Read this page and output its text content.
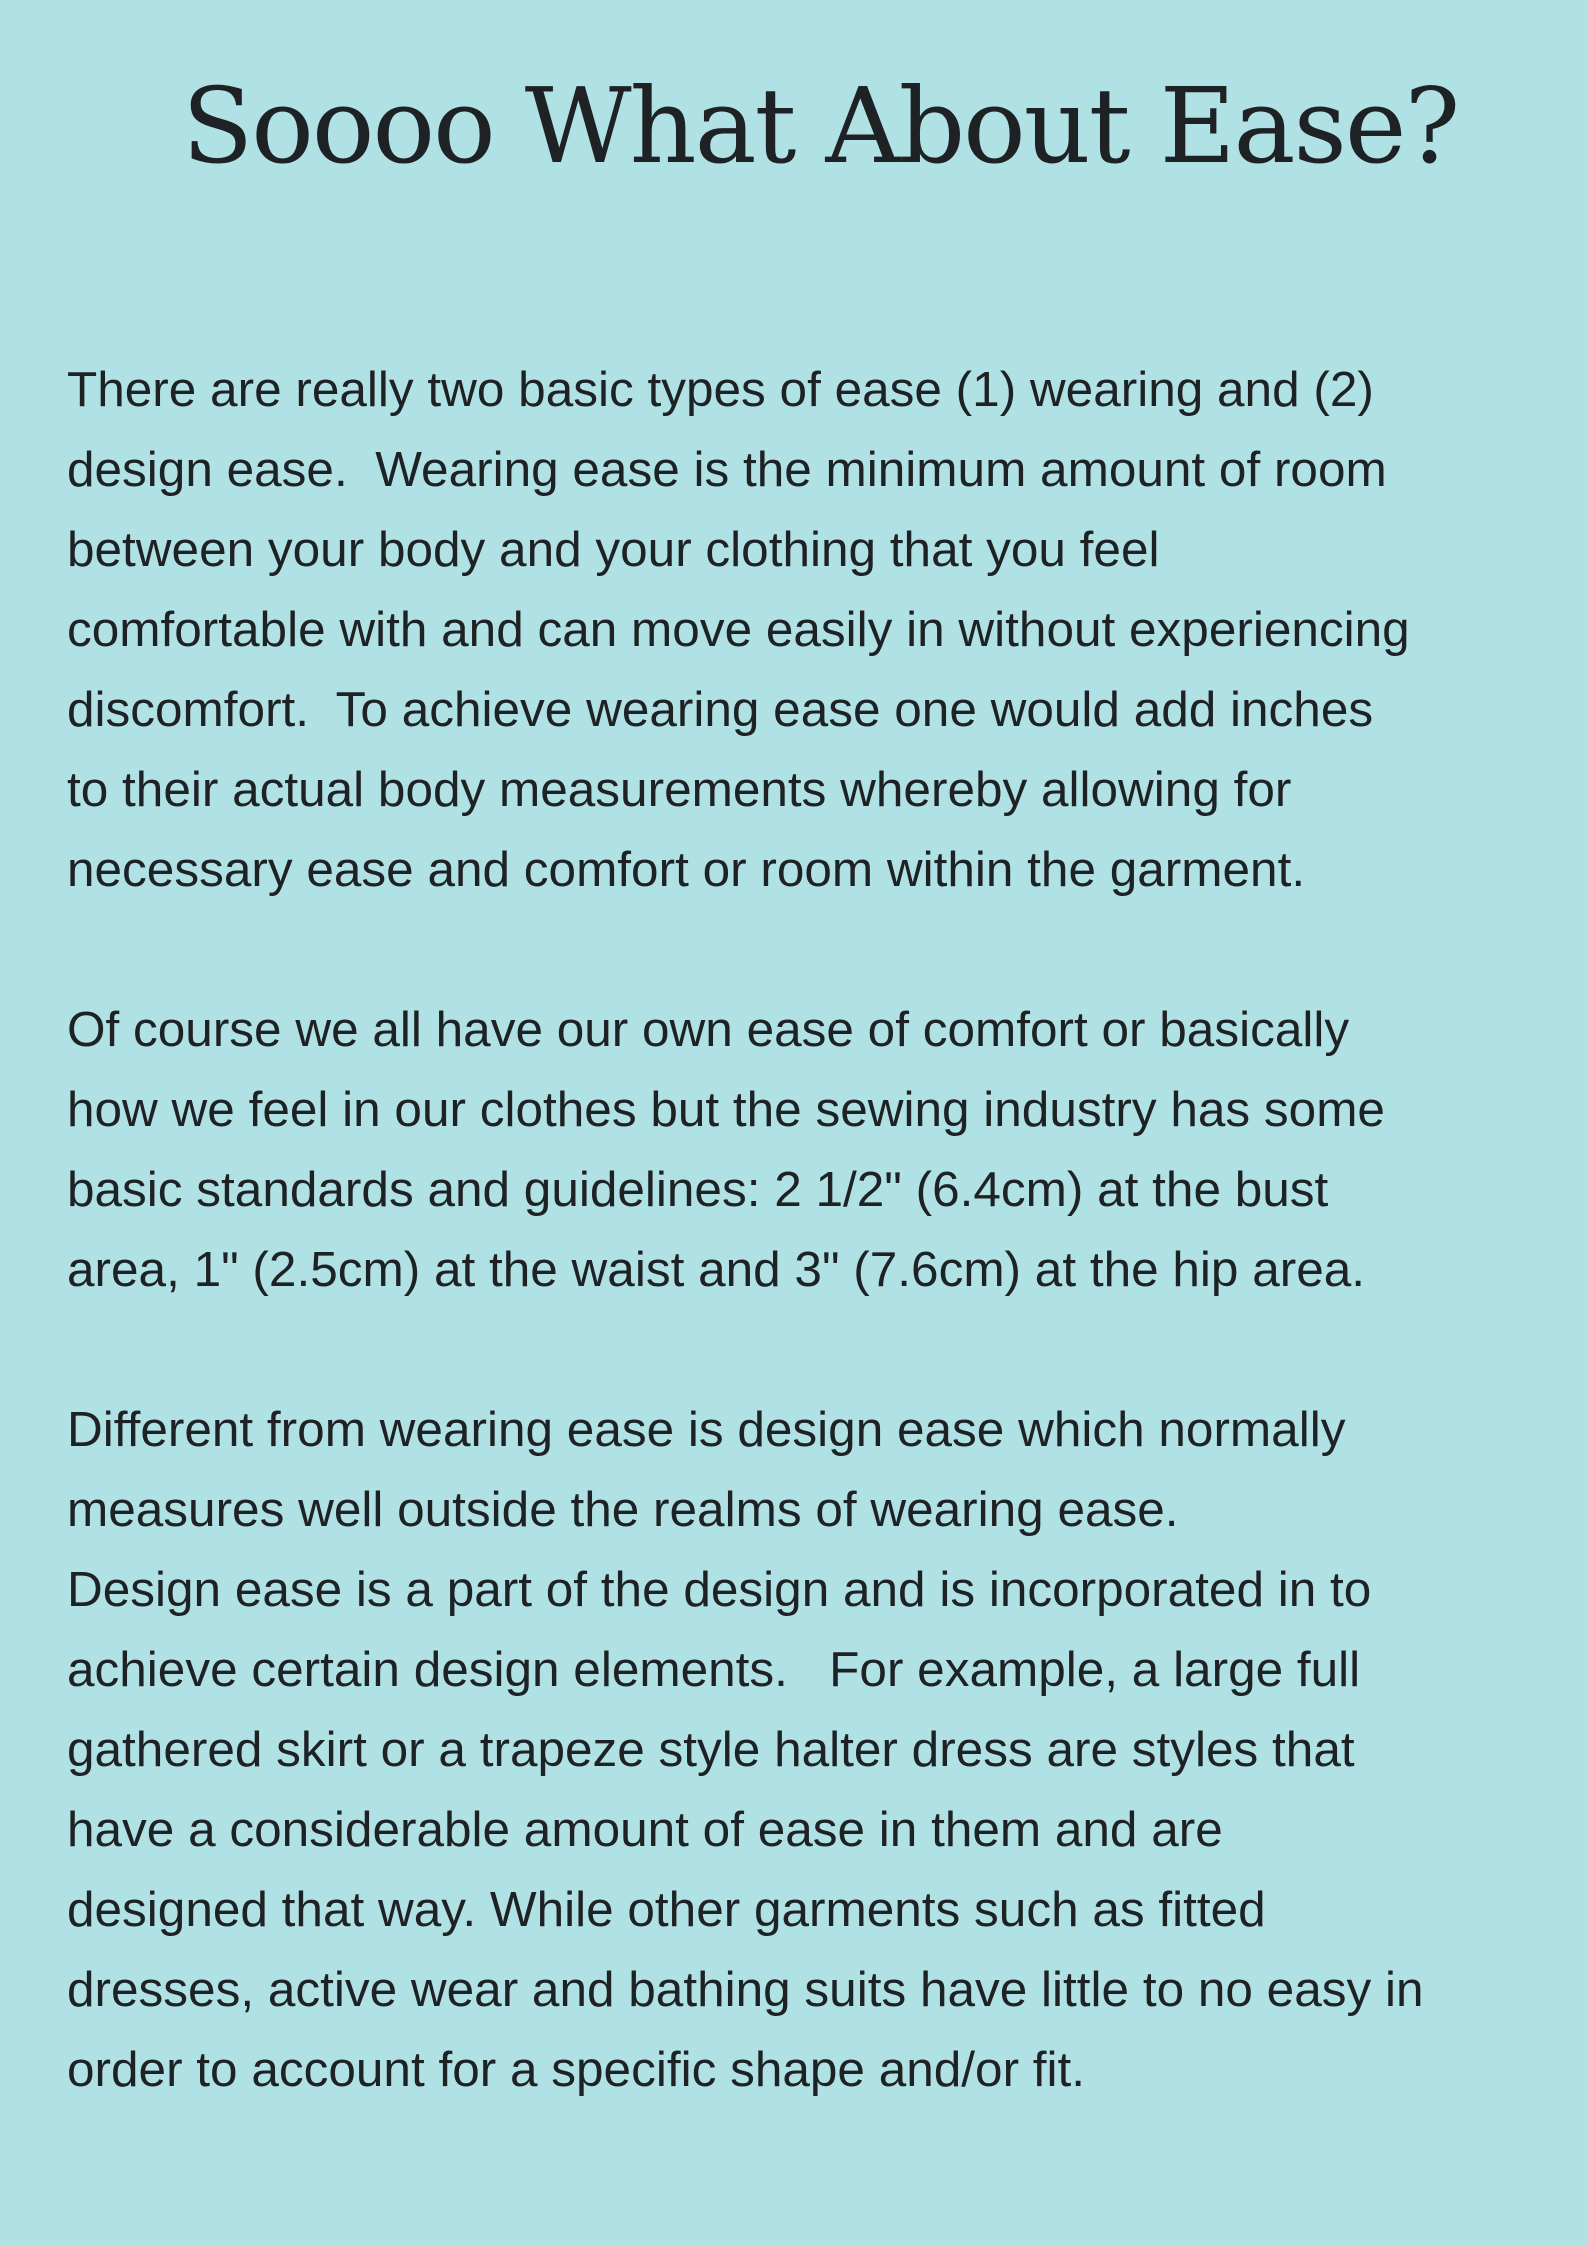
Soooo What About Ease?

There are really two basic types of ease (1) wearing and (2)
design ease.  Wearing ease is the minimum amount of room
between your body and your clothing that you feel
comfortable with and can move easily in without experiencing
discomfort.  To achieve wearing ease one would add inches
to their actual body measurements whereby allowing for
necessary ease and comfort or room within the garment.

Of course we all have our own ease of comfort or basically
how we feel in our clothes but the sewing industry has some
basic standards and guidelines: 2 1/2" (6.4cm) at the bust
area, 1" (2.5cm) at the waist and 3" (7.6cm) at the hip area.

Different from wearing ease is design ease which normally
measures well outside the realms of wearing ease.
Design ease is a part of the design and is incorporated in to
achieve certain design elements.   For example, a large full
gathered skirt or a trapeze style halter dress are styles that
have a considerable amount of ease in them and are
designed that way. While other garments such as fitted
dresses, active wear and bathing suits have little to no easy in
order to account for a specific shape and/or fit.
